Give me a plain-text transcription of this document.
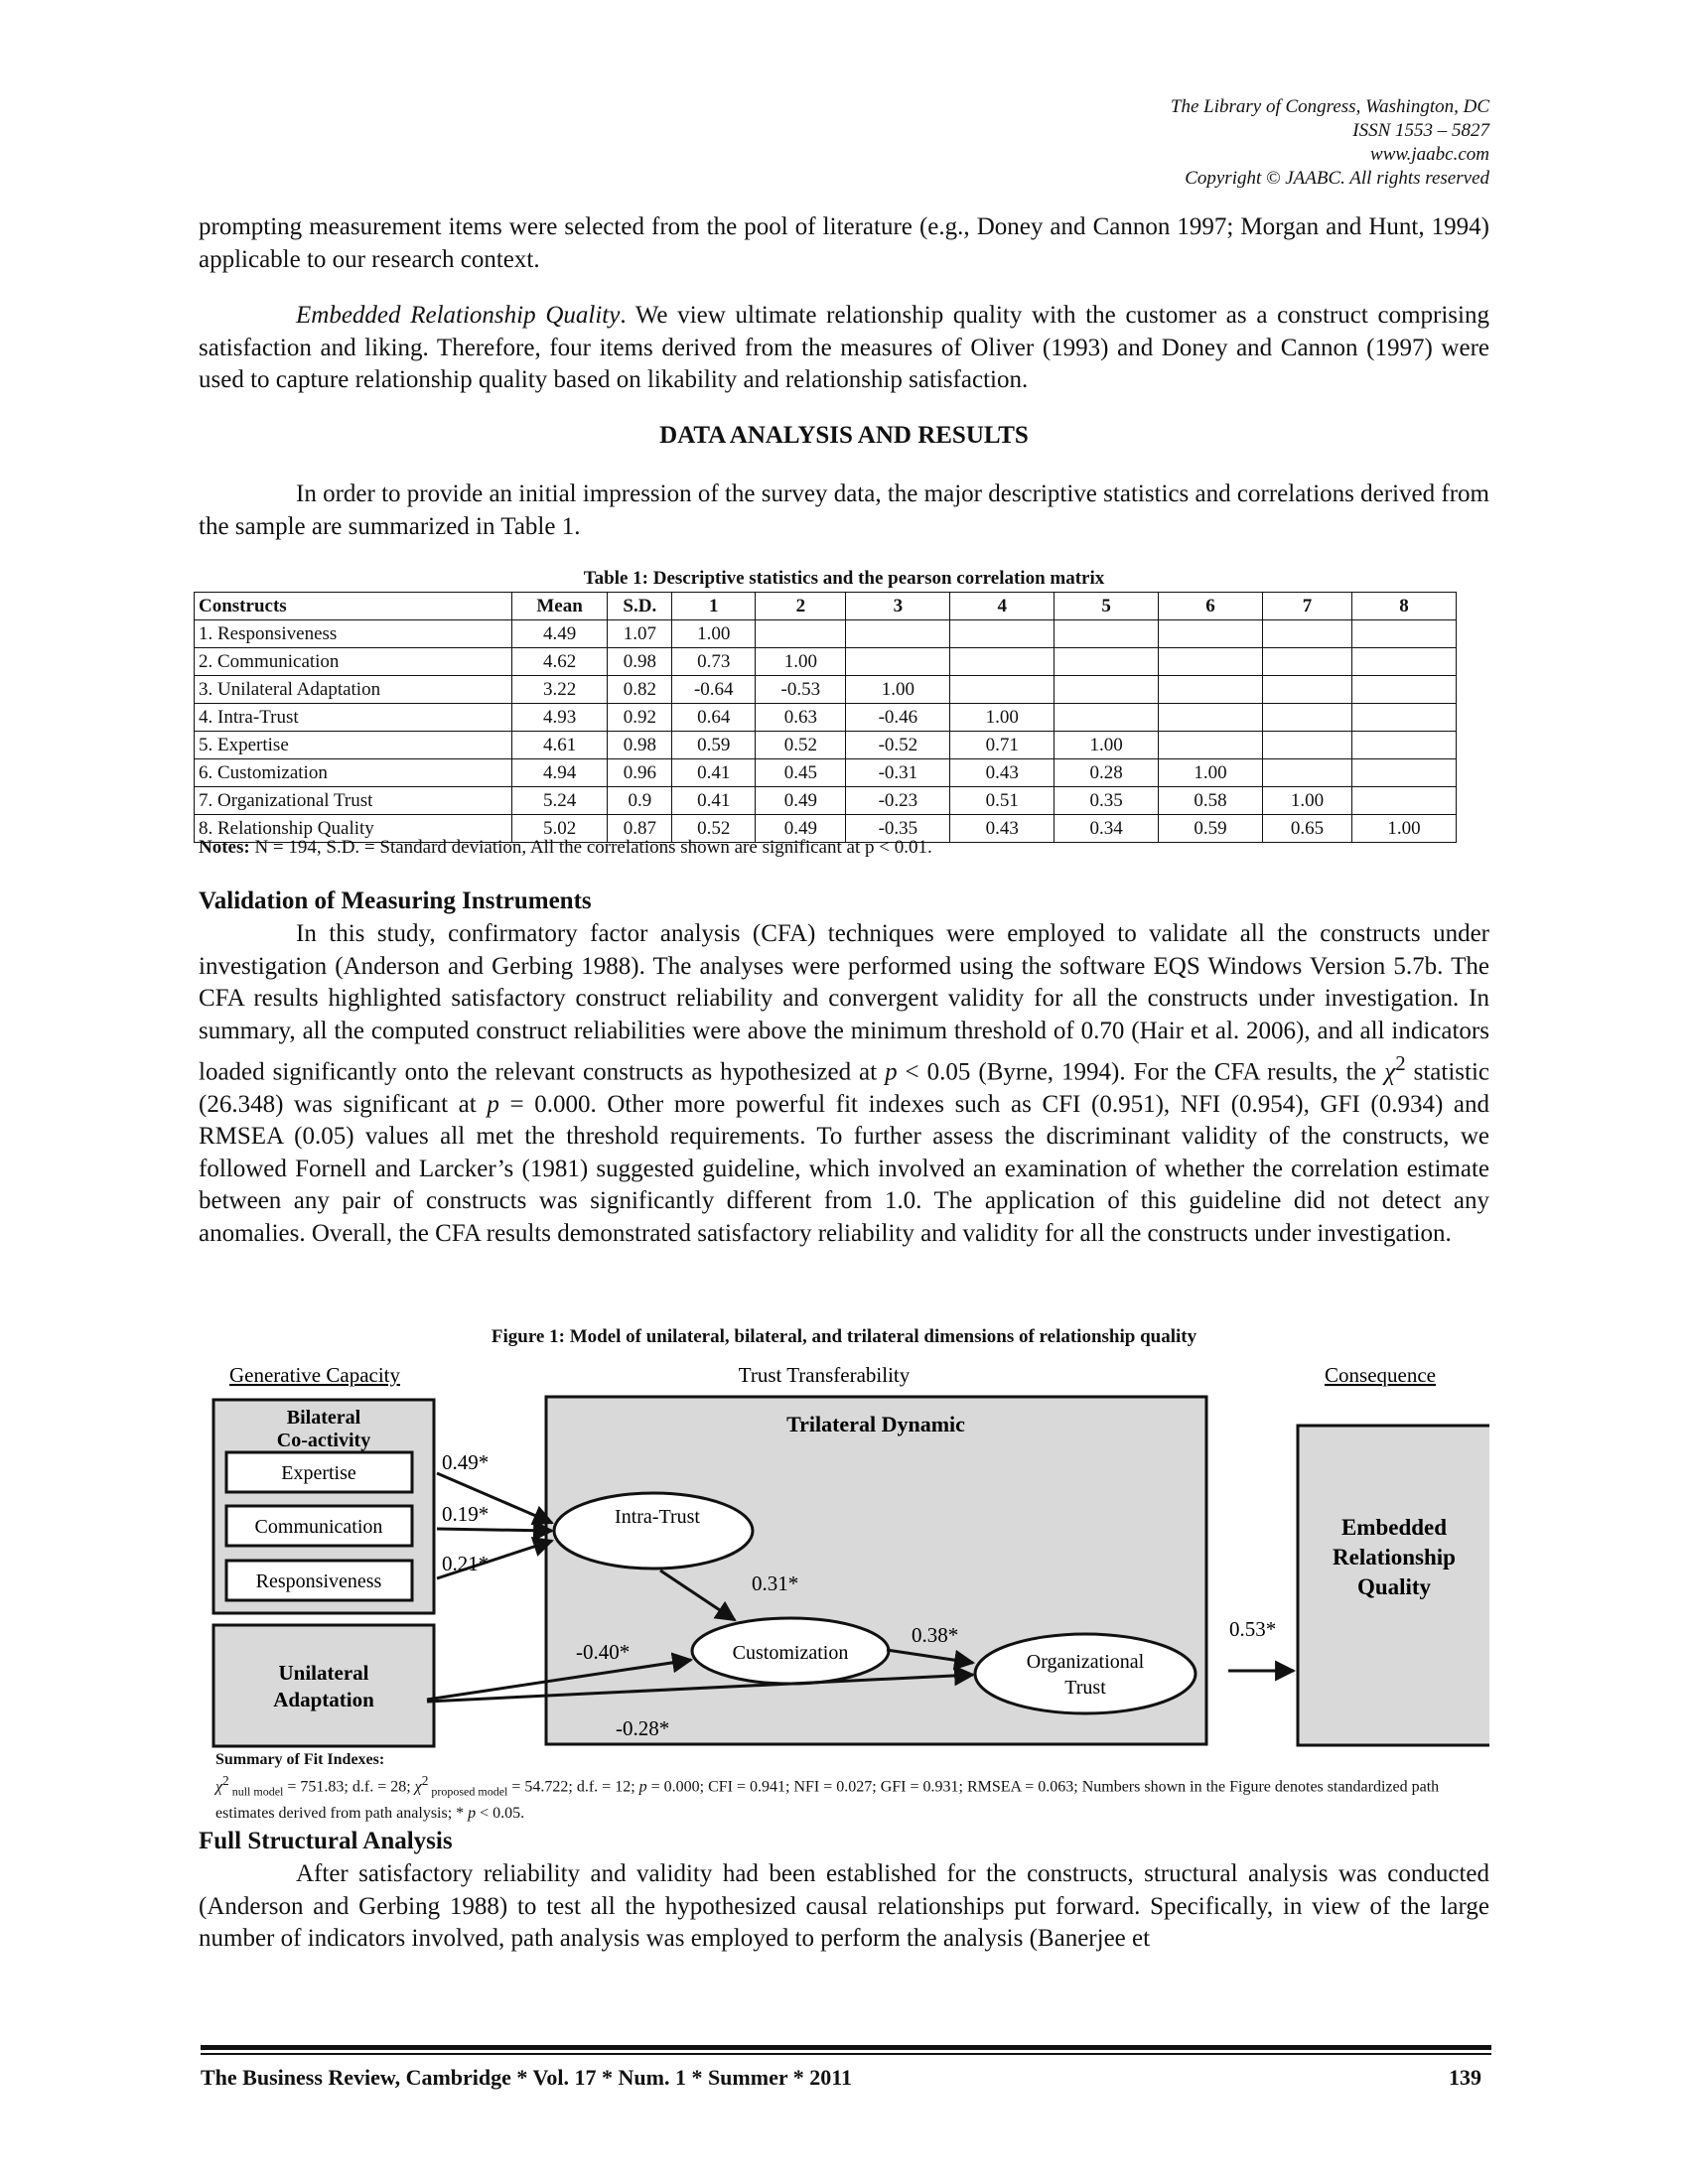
The Library of Congress, Washington, DC
ISSN 1553 – 5827
www.jaabc.com
Copyright © JAABC. All rights reserved
prompting measurement items were selected from the pool of literature (e.g., Doney and Cannon 1997; Morgan and Hunt, 1994) applicable to our research context.
Embedded Relationship Quality. We view ultimate relationship quality with the customer as a construct comprising satisfaction and liking. Therefore, four items derived from the measures of Oliver (1993) and Doney and Cannon (1997) were used to capture relationship quality based on likability and relationship satisfaction.
DATA ANALYSIS AND RESULTS
In order to provide an initial impression of the survey data, the major descriptive statistics and correlations derived from the sample are summarized in Table 1.
Table 1: Descriptive statistics and the pearson correlation matrix
Constructs	Mean	S.D.	1	2	3	4	5	6	7	8
1. Responsiveness	4.49	1.07	1.00							
2. Communication	4.62	0.98	0.73	1.00						
3. Unilateral Adaptation	3.22	0.82	-0.64	-0.53	1.00					
4. Intra-Trust	4.93	0.92	0.64	0.63	-0.46	1.00				
5. Expertise	4.61	0.98	0.59	0.52	-0.52	0.71	1.00			
6. Customization	4.94	0.96	0.41	0.45	-0.31	0.43	0.28	1.00		
7. Organizational Trust	5.24	0.9	0.41	0.49	-0.23	0.51	0.35	0.58	1.00	
8. Relationship Quality	5.02	0.87	0.52	0.49	-0.35	0.43	0.34	0.59	0.65	1.00
Notes: N = 194, S.D. = Standard deviation, All the correlations shown are significant at p < 0.01.
Validation of Measuring Instruments
In this study, confirmatory factor analysis (CFA) techniques were employed to validate all the constructs under investigation (Anderson and Gerbing 1988). The analyses were performed using the software EQS Windows Version 5.7b. The CFA results highlighted satisfactory construct reliability and convergent validity for all the constructs under investigation. In summary, all the computed construct reliabilities were above the minimum threshold of 0.70 (Hair et al. 2006), and all indicators loaded significantly onto the relevant constructs as hypothesized at p < 0.05 (Byrne, 1994). For the CFA results, the $\chi^2$ statistic (26.348) was significant at p = 0.000. Other more powerful fit indexes such as CFI (0.951), NFI (0.954), GFI (0.934) and RMSEA (0.05) values all met the threshold requirements. To further assess the discriminant validity of the constructs, we followed Fornell and Larcker’s (1981) suggested guideline, which involved an examination of whether the correlation estimate between any pair of constructs was significantly different from 1.0. The application of this guideline did not detect any anomalies. Overall, the CFA results demonstrated satisfactory reliability and validity for all the constructs under investigation.
Figure 1: Model of unilateral, bilateral, and trilateral dimensions of relationship quality
Generative Capacity	Trust Transferability	Consequence
Bilateral
Co-activity
Expertise
Communication
Responsiveness
Unilateral
Adaptation
Trilateral Dynamic
Intra-Trust
Customization	Organizational
Trust
Embedded
Relationship
Quality
0.49*
0.19*
0.21*
0.31*
-0.40*
-0.28*
0.38*	0.53*
Summary of Fit Indexes:
$\chi^2$ $_{null model}$ = 751.83; d.f. = 28; $\chi^2$ $_{proposed model}$ = 54.722; d.f. = 12; p = 0.000; CFI = 0.941; NFI = 0.027; GFI = 0.931; RMSEA = 0.063; Numbers shown in the Figure denotes standardized path estimates derived from path analysis; * p < 0.05.
Full Structural Analysis
After satisfactory reliability and validity had been established for the constructs, structural analysis was conducted (Anderson and Gerbing 1988) to test all the hypothesized causal relationships put forward. Specifically, in view of the large number of indicators involved, path analysis was employed to perform the analysis (Banerjee et
The Business Review, Cambridge * Vol. 17 * Num. 1 * Summer * 2011	139
